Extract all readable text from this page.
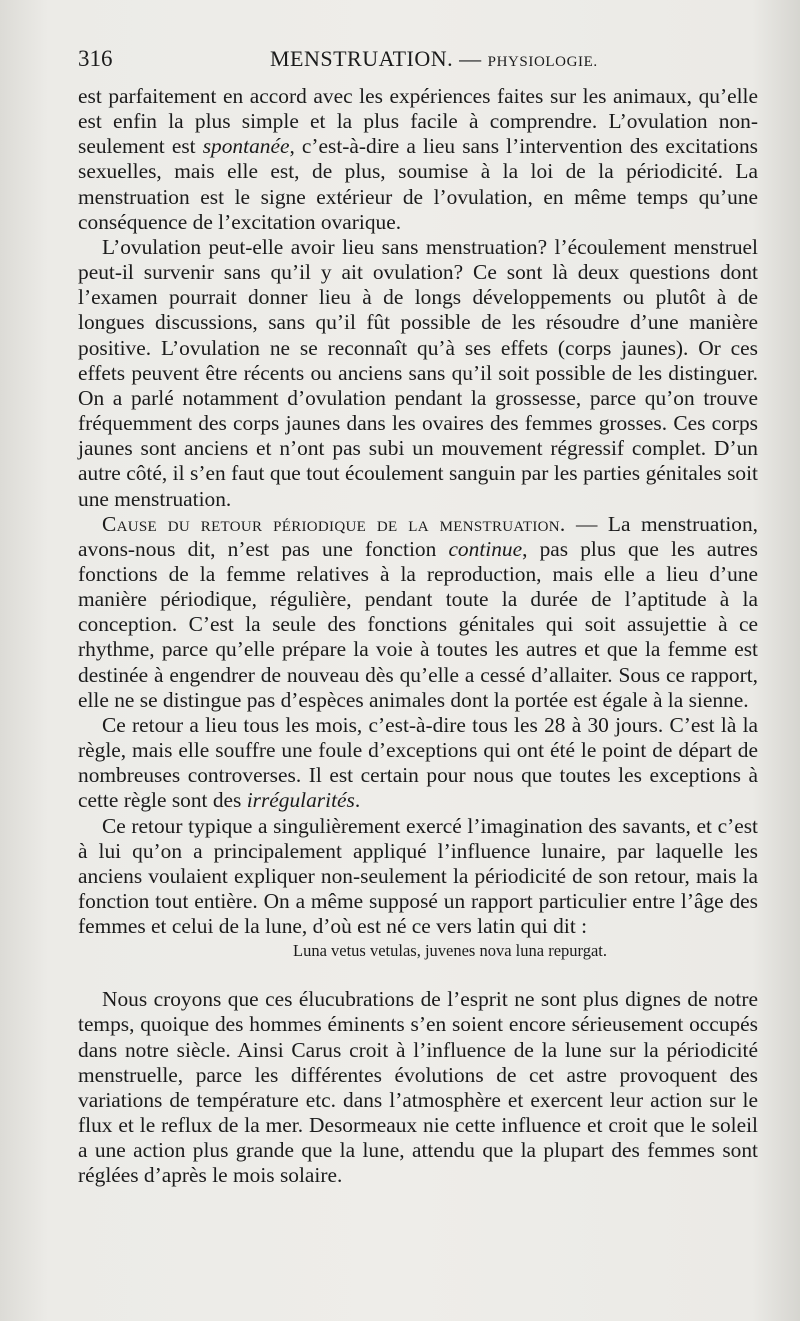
316	MENSTRUATION. — PHYSIOLOGIE.

est parfaitement en accord avec les expériences faites sur les animaux, qu’elle est enfin la plus simple et la plus facile à comprendre. L’ovulation non-seulement est spontanée, c’est-à-dire a lieu sans l’intervention des excitations sexuelles, mais elle est, de plus, soumise à la loi de la périodicité. La menstruation est le signe extérieur de l’ovulation, en même temps qu’une conséquence de l’excitation ovarique.

L’ovulation peut-elle avoir lieu sans menstruation? l’écoulement menstruel peut-il survenir sans qu’il y ait ovulation? Ce sont là deux questions dont l’examen pourrait donner lieu à de longs développements ou plutôt à de longues discussions, sans qu’il fût possible de les résoudre d’une manière positive. L’ovulation ne se reconnaît qu’à ses effets (corps jaunes). Or ces effets peuvent être récents ou anciens sans qu’il soit possible de les distinguer. On a parlé notamment d’ovulation pendant la grossesse, parce qu’on trouve fréquemment des corps jaunes dans les ovaires des femmes grosses. Ces corps jaunes sont anciens et n’ont pas subi un mouvement régressif complet. D’un autre côté, il s’en faut que tout écoulement sanguin par les parties génitales soit une menstruation.

Cause du retour périodique de la menstruation. — La menstruation, avons-nous dit, n’est pas une fonction continue, pas plus que les autres fonctions de la femme relatives à la reproduction, mais elle a lieu d’une manière périodique, régulière, pendant toute la durée de l’aptitude à la conception. C’est la seule des fonctions génitales qui soit assujettie à ce rhythme, parce qu’elle prépare la voie à toutes les autres et que la femme est destinée à engendrer de nouveau dès qu’elle a cessé d’allaiter. Sous ce rapport, elle ne se distingue pas d’espèces animales dont la portée est égale à la sienne.

Ce retour a lieu tous les mois, c’est-à-dire tous les 28 à 30 jours. C’est là la règle, mais elle souffre une foule d’exceptions qui ont été le point de départ de nombreuses controverses. Il est certain pour nous que toutes les exceptions à cette règle sont des irrégularités.

Ce retour typique a singulièrement exercé l’imagination des savants, et c’est à lui qu’on a principalement appliqué l’influence lunaire, par laquelle les anciens voulaient expliquer non-seulement la périodicité de son retour, mais la fonction tout entière. On a même supposé un rapport particulier entre l’âge des femmes et celui de la lune, d’où est né ce vers latin qui dit :

Luna vetus vetulas, juvenes nova luna repurgat.

Nous croyons que ces élucubrations de l’esprit ne sont plus dignes de notre temps, quoique des hommes éminents s’en soient encore sérieusement occupés dans notre siècle. Ainsi Carus croit à l’influence de la lune sur la périodicité menstruelle, parce les différentes évolutions de cet astre provoquent des variations de température etc. dans l’atmosphère et exercent leur action sur le flux et le reflux de la mer. Desormeaux nie cette influence et croit que le soleil a une action plus grande que la lune, attendu que la plupart des femmes sont réglées d’après le mois solaire.
